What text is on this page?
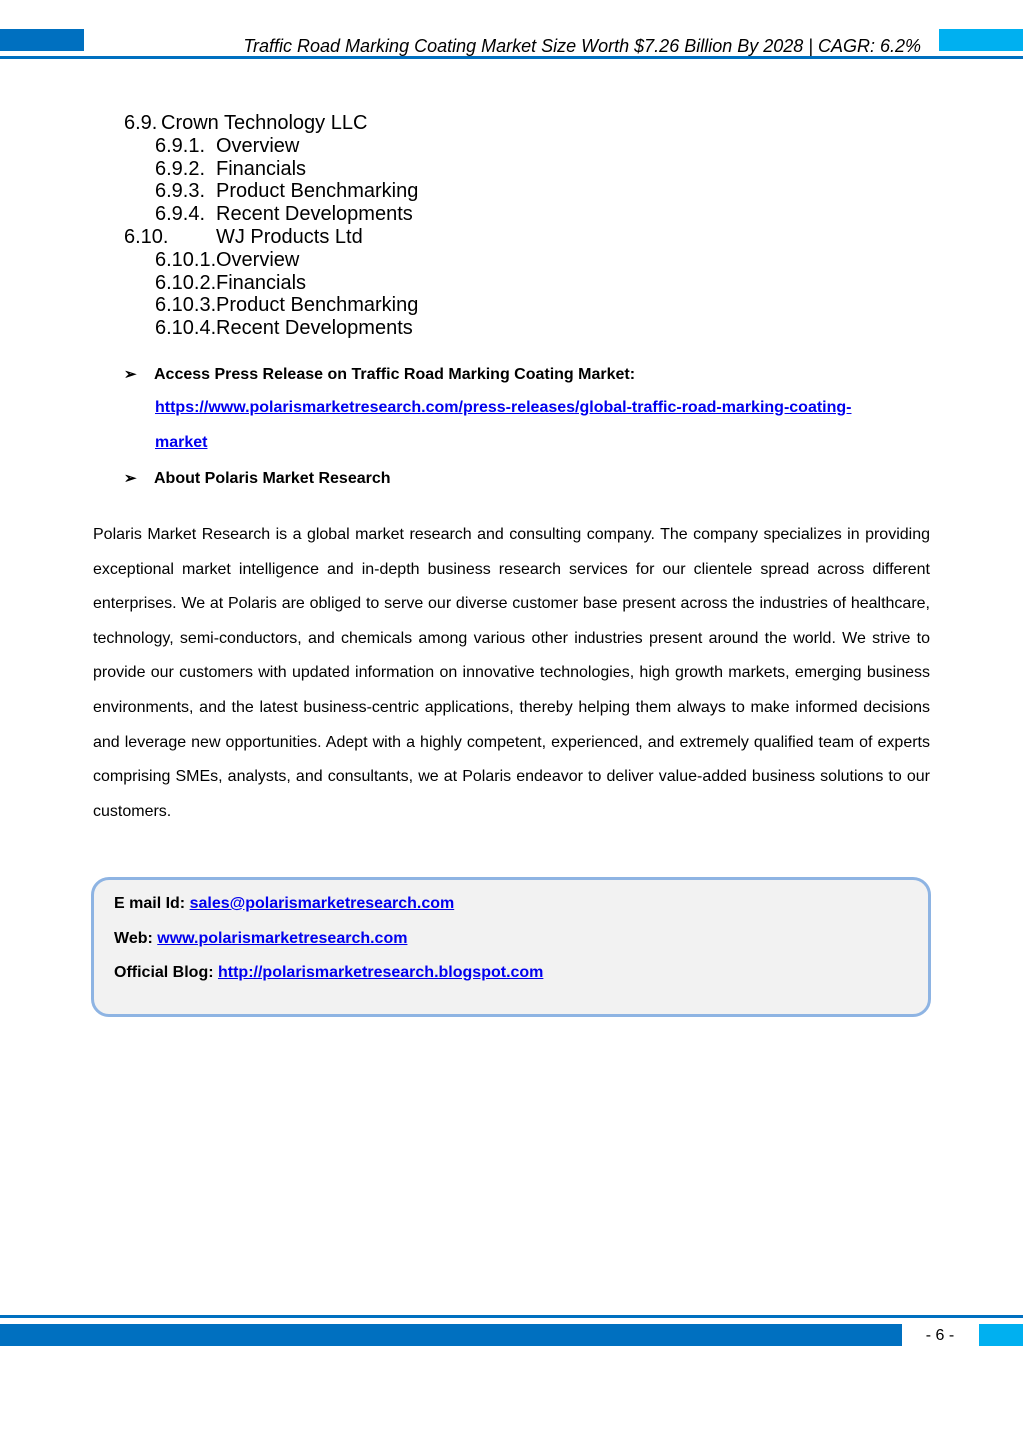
Traffic Road Marking Coating Market Size Worth $7.26 Billion By 2028 | CAGR: 6.2%
6.9. Crown Technology LLC
6.9.1. Overview
6.9.2. Financials
6.9.3. Product Benchmarking
6.9.4. Recent Developments
6.10. WJ Products Ltd
6.10.1. Overview
6.10.2. Financials
6.10.3. Product Benchmarking
6.10.4. Recent Developments
➢ Access Press Release on Traffic Road Marking Coating Market:
https://www.polarismarketresearch.com/press-releases/global-traffic-road-marking-coating-
market
➢ About Polaris Market Research

Polaris Market Research is a global market research and consulting company. The company specializes in providing exceptional market intelligence and in-depth business research services for our clientele spread across different enterprises. We at Polaris are obliged to serve our diverse customer base present across the industries of healthcare, technology, semi-conductors, and chemicals among various other industries present around the world. We strive to provide our customers with updated information on innovative technologies, high growth markets, emerging business environments, and the latest business-centric applications, thereby helping them always to make informed decisions and leverage new opportunities. Adept with a highly competent, experienced, and extremely qualified team of experts comprising SMEs, analysts, and consultants, we at Polaris endeavor to deliver value-added business solutions to our customers.

E mail Id: sales@polarismarketresearch.com
Web: www.polarismarketresearch.com
Official Blog: http://polarismarketresearch.blogspot.com
- 6 -
